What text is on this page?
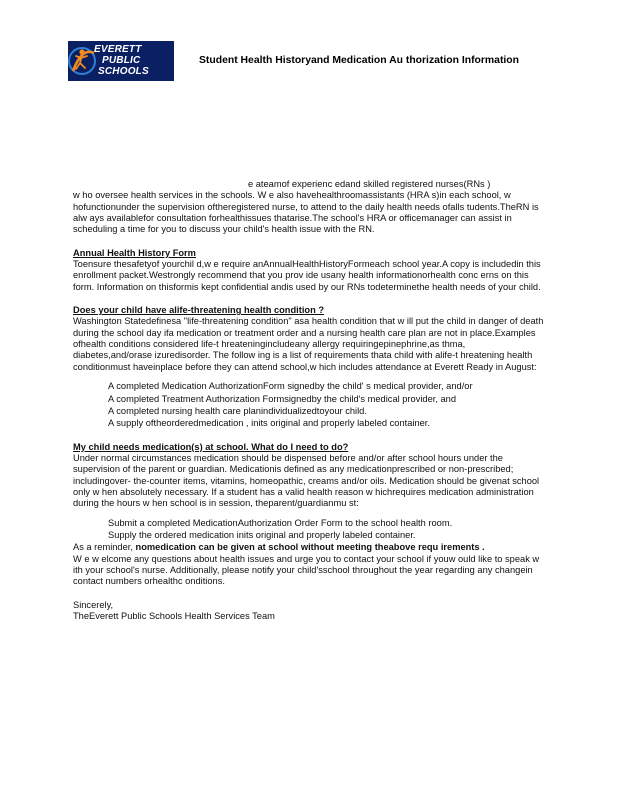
EVERETT
PUBLIC
SCHOOLS
Student Health Historyand Medication Au thorization Information

e ateamof experienc edand skilled registered nurses(RNs )
w ho oversee health services in the schools. W e also havehealthroomassistants (HRA s)in each school, w hofunctionunder the supervision oftheregistered nurse, to attend to the daily health needs ofalls tudents.TheRN is alw ays availablefor consultation forhealthissues thatarise.The school's HRA or officemanager can assist in scheduling a time for you to discuss your child's health issue with the RN.

Annual Health History Form

Toensure thesafetyof yourchil d,w e require anAnnualHealthHistoryFormeach school year.A copy is includedin this enrollment packet.Westrongly recommend that you prov ide usany health informationorhealth conc erns on this form. Information on thisformis kept confidential andis used by our RNs todeterminethe health needs of your child.

Does your child have alife-threatening health condition ?

Washington Statedefinesa "life-threatening condition" asa health condition that w ill put the child in danger of death during the school day ifa medication or treatment order and a nursing health care plan are not in place.Examples ofhealth conditions considered life-t hreateningincludeany allergy requiringepinephrine,as thma, diabetes,and/orase izuredisorder. The follow ing is a list of requirements thata child with alife-t hreatening health conditionmust haveinplace before they can attend school,w hich includes attendance at Everett Ready in August:

A completed Medication AuthorizationForm signedby the child' s medical provider, and/or
A completed Treatment Authorization Formsignedby the child's medical provider, and
A completed nursing health care planindividualizedtoyour child.
A supply oftheorderedmedication , inits original and properly labeled container.

My child needs medication(s) at school. What do I need to do?

Under normal circumstances medication should be dispensed before and/or after school hours under the supervision of the parent or guardian. Medicationis defined as any medicationprescribed or non-prescribed; includingover- the-counter items, vitamins, homeopathic, creams and/or oils. Medication should be givenat school only w hen absolutely necessary. If a student has a valid health reason w hichrequires medication administration during the hours w hen school is in session, theparent/guardianmu st:

Submit a completed MedicationAuthorization Order Form to the school health room.
Supply the ordered medication inits original and properly labeled container.

As a reminder, nomedication can be given at school without meeting theabove requ irements .

W e w elcome any questions about health issues and urge you to contact your school if youw ould like to speak w ith your school's nurse. Additionally, please notify your child'sschool throughout the year regarding any changein contact numbers orhealthc onditions.

Sincerely,

TheEverett Public Schools Health Services Team
